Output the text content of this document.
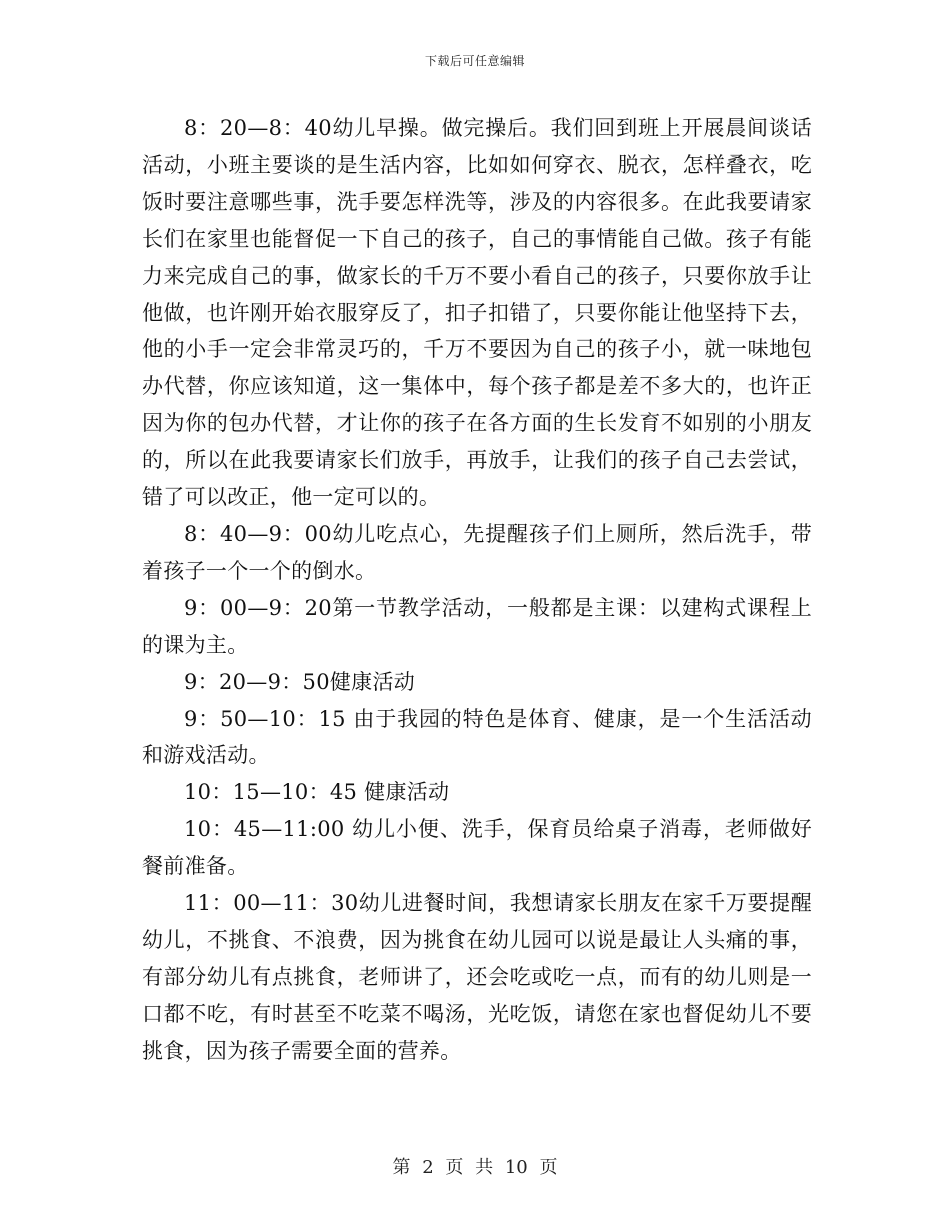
下载后可任意编辑

8：20—8：40幼儿早操。做完操后。我们回到班上开展晨间谈话活动，小班主要谈的是生活内容，比如如何穿衣、脱衣，怎样叠衣，吃饭时要注意哪些事，洗手要怎样洗等，涉及的内容很多。在此我要请家长们在家里也能督促一下自己的孩子，自己的事情能自己做。孩子有能力来完成自己的事，做家长的千万不要小看自己的孩子，只要你放手让他做，也许刚开始衣服穿反了，扣子扣错了，只要你能让他坚持下去，他的小手一定会非常灵巧的，千万不要因为自己的孩子小，就一味地包办代替，你应该知道，这一集体中，每个孩子都是差不多大的，也许正因为你的包办代替，才让你的孩子在各方面的生长发育不如别的小朋友的，所以在此我要请家长们放手，再放手，让我们的孩子自己去尝试，错了可以改正，他一定可以的。

8：40—9：00幼儿吃点心，先提醒孩子们上厕所，然后洗手，带着孩子一个一个的倒水。

9：00—9：20第一节教学活动，一般都是主课：以建构式课程上的课为主。

9：20—9：50健康活动

9：50—10：15 由于我园的特色是体育、健康，是一个生活活动和游戏活动。

10：15—10：45 健康活动

10：45—11:00 幼儿小便、洗手，保育员给桌子消毒，老师做好餐前准备。

11：00—11：30幼儿进餐时间，我想请家长朋友在家千万要提醒幼儿，不挑食、不浪费，因为挑食在幼儿园可以说是最让人头痛的事，有部分幼儿有点挑食，老师讲了，还会吃或吃一点，而有的幼儿则是一口都不吃，有时甚至不吃菜不喝汤，光吃饭，请您在家也督促幼儿不要挑食，因为孩子需要全面的营养。

第 2 页 共 10 页
